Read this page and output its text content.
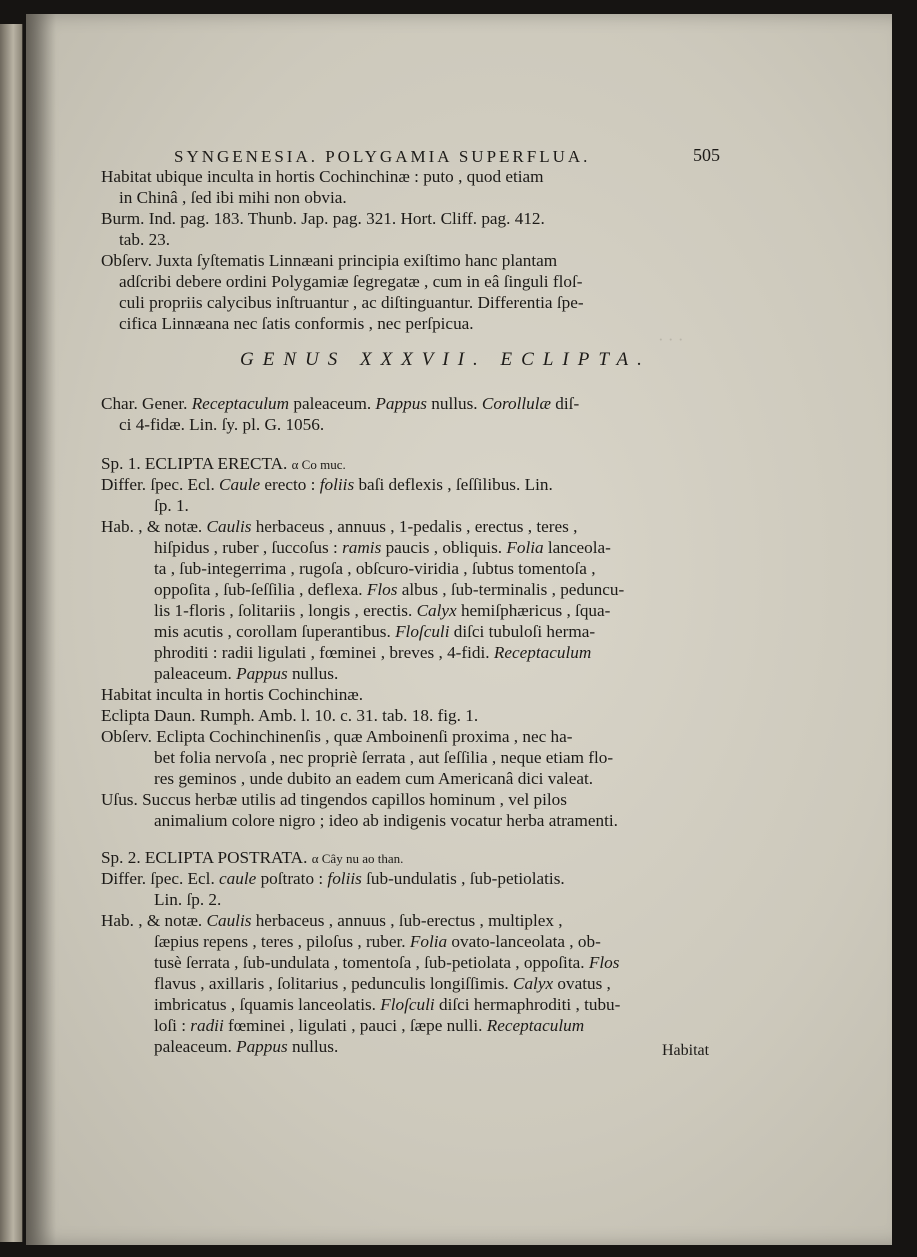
· · ·
SYNGENESIA. POLYGAMIA SUPERFLUA.	505
Habitat ubique inculta in hortis Cochinchinæ : puto , quod etiam
in Chinâ , ſed ibi mihi non obvia.
Burm. Ind. pag. 183. Thunb. Jap. pag. 321. Hort. Cliff. pag. 412.
tab. 23.
Obſerv. Juxta ſyſtematis Linnæani principia exiſtimo hanc plantam
adſcribi debere ordini Polygamiæ ſegregatæ , cum in eâ ſinguli floſ-
culi propriis calycibus inſtruantur , ac diſtinguantur. Differentia ſpe-
cifica Linnæana nec ſatis conformis , nec perſpicua.
GENUS XXXVII. ECLIPTA.
Char. Gener. Receptaculum paleaceum. Pappus nullus. Corollulæ diſ-
ci 4-fidæ. Lin. ſy. pl. G. 1056.
Sp. 1. ECLIPTA ERECTA. α Co muc.
Differ. ſpec. Ecl. Caule erecto : foliis baſi deflexis , ſeſſilibus. Lin.
ſp. 1.
Hab. , & notæ. Caulis herbaceus , annuus , 1-pedalis , erectus , teres ,
hiſpidus , ruber , ſuccoſus : ramis paucis , obliquis. Folia lanceola-
ta , ſub-integerrima , rugoſa , obſcuro-viridia , ſubtus tomentoſa ,
oppoſita , ſub-ſeſſilia , deflexa. Flos albus , ſub-terminalis , peduncu-
lis 1-floris , ſolitariis , longis , erectis. Calyx hemiſphæricus , ſqua-
mis acutis , corollam ſuperantibus. Floſculi diſci tubuloſi herma-
phroditi : radii ligulati , fœminei , breves , 4-fidi. Receptaculum
paleaceum. Pappus nullus.
Habitat inculta in hortis Cochinchinæ.
Eclipta Daun. Rumph. Amb. l. 10. c. 31. tab. 18. fig. 1.
Obſerv. Eclipta Cochinchinenſis , quæ Amboinenſi proxima , nec ha-
bet folia nervoſa , nec propriè ſerrata , aut ſeſſilia , neque etiam flo-
res geminos , unde dubito an eadem cum Americanâ dici valeat.
Uſus. Succus herbæ utilis ad tingendos capillos hominum , vel pilos
animalium colore nigro ; ideo ab indigenis vocatur herba atramenti.
Sp. 2. ECLIPTA POSTRATA. α Cây nu ao than.
Differ. ſpec. Ecl. caule poſtrato : foliis ſub-undulatis , ſub-petiolatis.
Lin. ſp. 2.
Hab. , & notæ. Caulis herbaceus , annuus , ſub-erectus , multiplex ,
ſæpius repens , teres , piloſus , ruber. Folia ovato-lanceolata , ob-
tusè ſerrata , ſub-undulata , tomentoſa , ſub-petiolata , oppoſita. Flos
flavus , axillaris , ſolitarius , pedunculis longiſſimis. Calyx ovatus ,
imbricatus , ſquamis lanceolatis. Floſculi diſci hermaphroditi , tubu-
loſi : radii fœminei , ligulati , pauci , ſæpe nulli. Receptaculum
paleaceum. Pappus nullus.	Habitat
